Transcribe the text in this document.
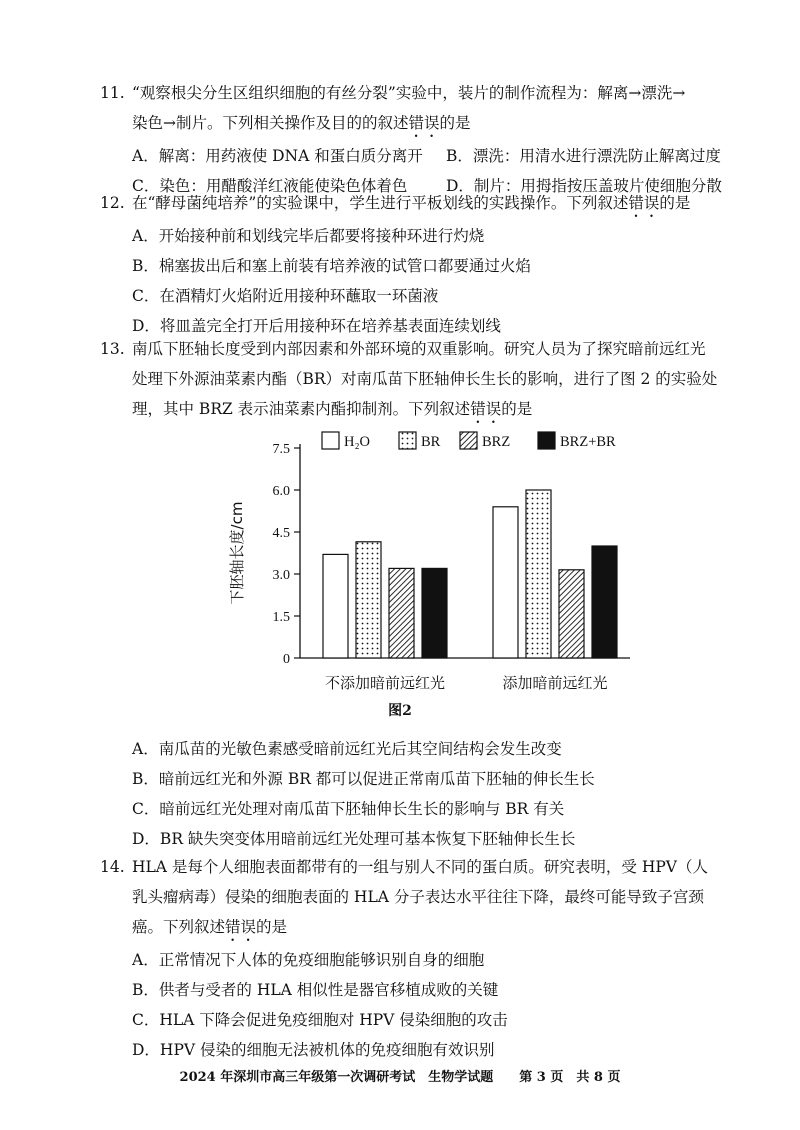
11. “观察根尖分生区组织细胞的有丝分裂”实验中，装片的制作流程为：解离→漂洗→
染色→制片。下列相关操作及目的的叙述错误的是
A．解离：用药液使 DNA 和蛋白质分离开	B．漂洗：用清水进行漂洗防止解离过度
C．染色：用醋酸洋红液能使染色体着色	D．制片：用拇指按压盖玻片使细胞分散
12. 在“酵母菌纯培养”的实验课中，学生进行平板划线的实践操作。下列叙述错误的是
A．开始接种前和划线完毕后都要将接种环进行灼烧
B．棉塞拔出后和塞上前装有培养液的试管口都要通过火焰
C．在酒精灯火焰附近用接种环蘸取一环菌液
D．将皿盖完全打开后用接种环在培养基表面连续划线
13. 南瓜下胚轴长度受到内部因素和外部环境的双重影响。研究人员为了探究暗前远红光
处理下外源油菜素内酯（BR）对南瓜苗下胚轴伸长生长的影响，进行了图 2 的实验处
理，其中 BRZ 表示油菜素内酯抑制剂。下列叙述错误的是
7.5
6.0
4.5
3.0
1.5
0
下胚轴长度/cm
不添加暗前远红光	添加暗前远红光
H₂O	BR	BRZ	BRZ+BR
图2
A．南瓜苗的光敏色素感受暗前远红光后其空间结构会发生改变
B．暗前远红光和外源 BR 都可以促进正常南瓜苗下胚轴的伸长生长
C．暗前远红光处理对南瓜苗下胚轴伸长生长的影响与 BR 有关
D．BR 缺失突变体用暗前远红光处理可基本恢复下胚轴伸长生长
14. HLA 是每个人细胞表面都带有的一组与别人不同的蛋白质。研究表明，受 HPV（人
乳头瘤病毒）侵染的细胞表面的 HLA 分子表达水平往往下降，最终可能导致子宫颈
癌。下列叙述错误的是
A．正常情况下人体的免疫细胞能够识别自身的细胞
B．供者与受者的 HLA 相似性是器官移植成败的关键
C．HLA 下降会促进免疫细胞对 HPV 侵染细胞的攻击
D．HPV 侵染的细胞无法被机体的免疫细胞有效识别
2024 年深圳市高三年级第一次调研考试　生物学试题　　第 3 页　共 8 页
